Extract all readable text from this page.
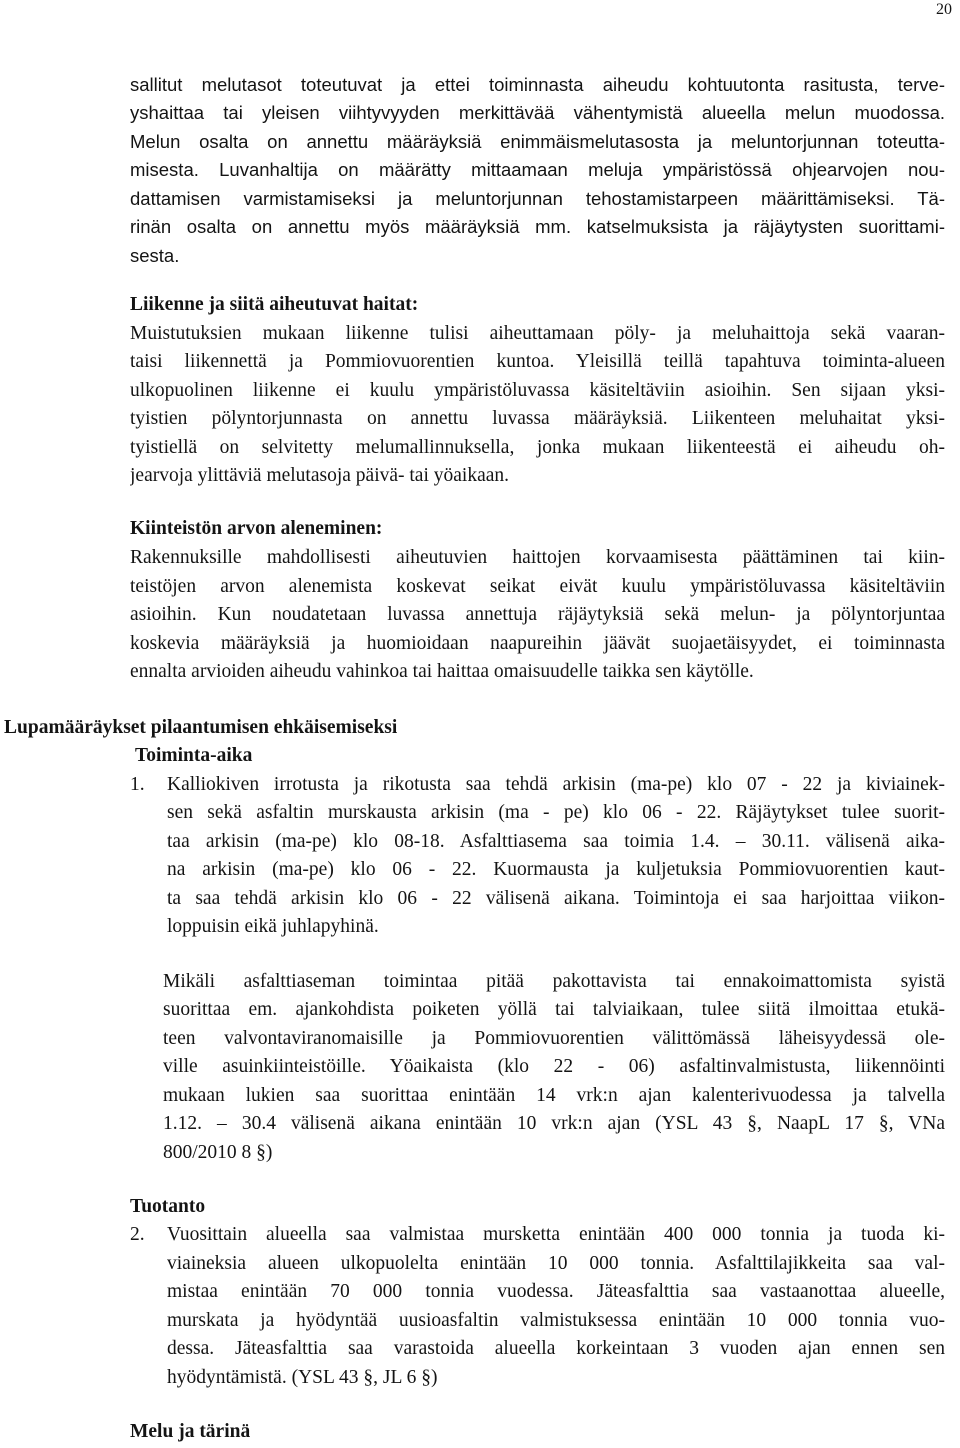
20
sallitut melutasot toteutuvat ja ettei toiminnasta aiheudu kohtuutonta rasitusta, terve-
yshaittaa tai yleisen viihtyvyyden merkittävää vähentymistä alueella melun muodossa.
Melun osalta on annettu määräyksiä enimmäismelutasosta ja meluntorjunnan toteutta-
misesta. Luvanhaltija on määrätty mittaamaan meluja ympäristössä ohjearvojen nou-
dattamisen varmistamiseksi ja meluntorjunnan tehostamistarpeen määrittämiseksi. Tä-
rinän osalta on annettu myös määräyksiä mm. katselmuksista ja räjäytysten suorittami-
sesta.
Liikenne ja siitä aiheutuvat haitat:
Muistutuksien mukaan liikenne tulisi aiheuttamaan pöly- ja meluhaittoja sekä vaaran-
taisi liikennettä ja Pommiovuorentien kuntoa. Yleisillä teillä tapahtuva toiminta-alueen
ulkopuolinen liikenne ei kuulu ympäristöluvassa käsiteltäviin asioihin. Sen sijaan yksi-
tyistien pölyntorjunnasta on annettu luvassa määräyksiä. Liikenteen meluhaitat yksi-
tyistiellä on selvitetty melumallinnuksella, jonka mukaan liikenteestä ei aiheudu oh-
jearvoja ylittäviä melutasoja päivä- tai yöaikaan.
Kiinteistön arvon aleneminen:
Rakennuksille mahdollisesti aiheutuvien haittojen korvaamisesta päättäminen tai kiin-
teistöjen arvon alenemista koskevat seikat eivät kuulu ympäristöluvassa käsiteltäviin
asioihin. Kun noudatetaan luvassa annettuja räjäytyksiä sekä melun- ja pölyntorjuntaa
koskevia määräyksiä ja huomioidaan naapureihin jäävät suojaetäisyydet, ei toiminnasta
ennalta arvioiden aiheudu vahinkoa tai haittaa omaisuudelle taikka sen käytölle.
Lupamääräykset pilaantumisen ehkäisemiseksi
Toiminta-aika
1.	Kalliokiven irrotusta ja rikotusta saa tehdä arkisin (ma-pe) klo 07 - 22 ja kiviainek-
sen sekä asfaltin murskausta arkisin (ma - pe) klo 06 - 22. Räjäytykset tulee suorit-
taa arkisin (ma-pe) klo 08-18. Asfalttiasema saa toimia 1.4. – 30.11. välisenä aika-
na arkisin (ma-pe) klo 06 - 22. Kuormausta ja kuljetuksia Pommiovuorentien kaut-
ta saa tehdä arkisin klo 06 - 22 välisenä aikana. Toimintoja ei saa harjoittaa viikon-
loppuisin eikä juhlapyhinä.
Mikäli asfalttiaseman toimintaa pitää pakottavista tai ennakoimattomista syistä
suorittaa em. ajankohdista poiketen yöllä tai talviaikaan, tulee siitä ilmoittaa etukä-
teen valvontaviranomaisille ja Pommiovuorentien välittömässä läheisyydessä ole-
ville asuinkiinteistöille. Yöaikaista (klo 22 - 06) asfaltinvalmistusta, liikennöinti
mukaan lukien saa suorittaa enintään 14 vrk:n ajan kalenterivuodessa ja talvella
1.12. – 30.4 välisenä aikana enintään 10 vrk:n ajan (YSL 43 §, NaapL 17 §, VNa
800/2010 8 §)
Tuotanto
2.	Vuosittain alueella saa valmistaa mursketta enintään 400 000 tonnia ja tuoda ki-
viaineksia alueen ulkopuolelta enintään 10 000 tonnia. Asfalttilajikkeita saa val-
mistaa enintään 70 000 tonnia vuodessa. Jäteasfalttia saa vastaanottaa alueelle,
murskata ja hyödyntää uusioasfaltin valmistuksessa enintään 10 000 tonnia vuo-
dessa. Jäteasfalttia saa varastoida alueella korkeintaan 3 vuoden ajan ennen sen
hyödyntämistä. (YSL 43 §, JL 6 §)
Melu ja tärinä
